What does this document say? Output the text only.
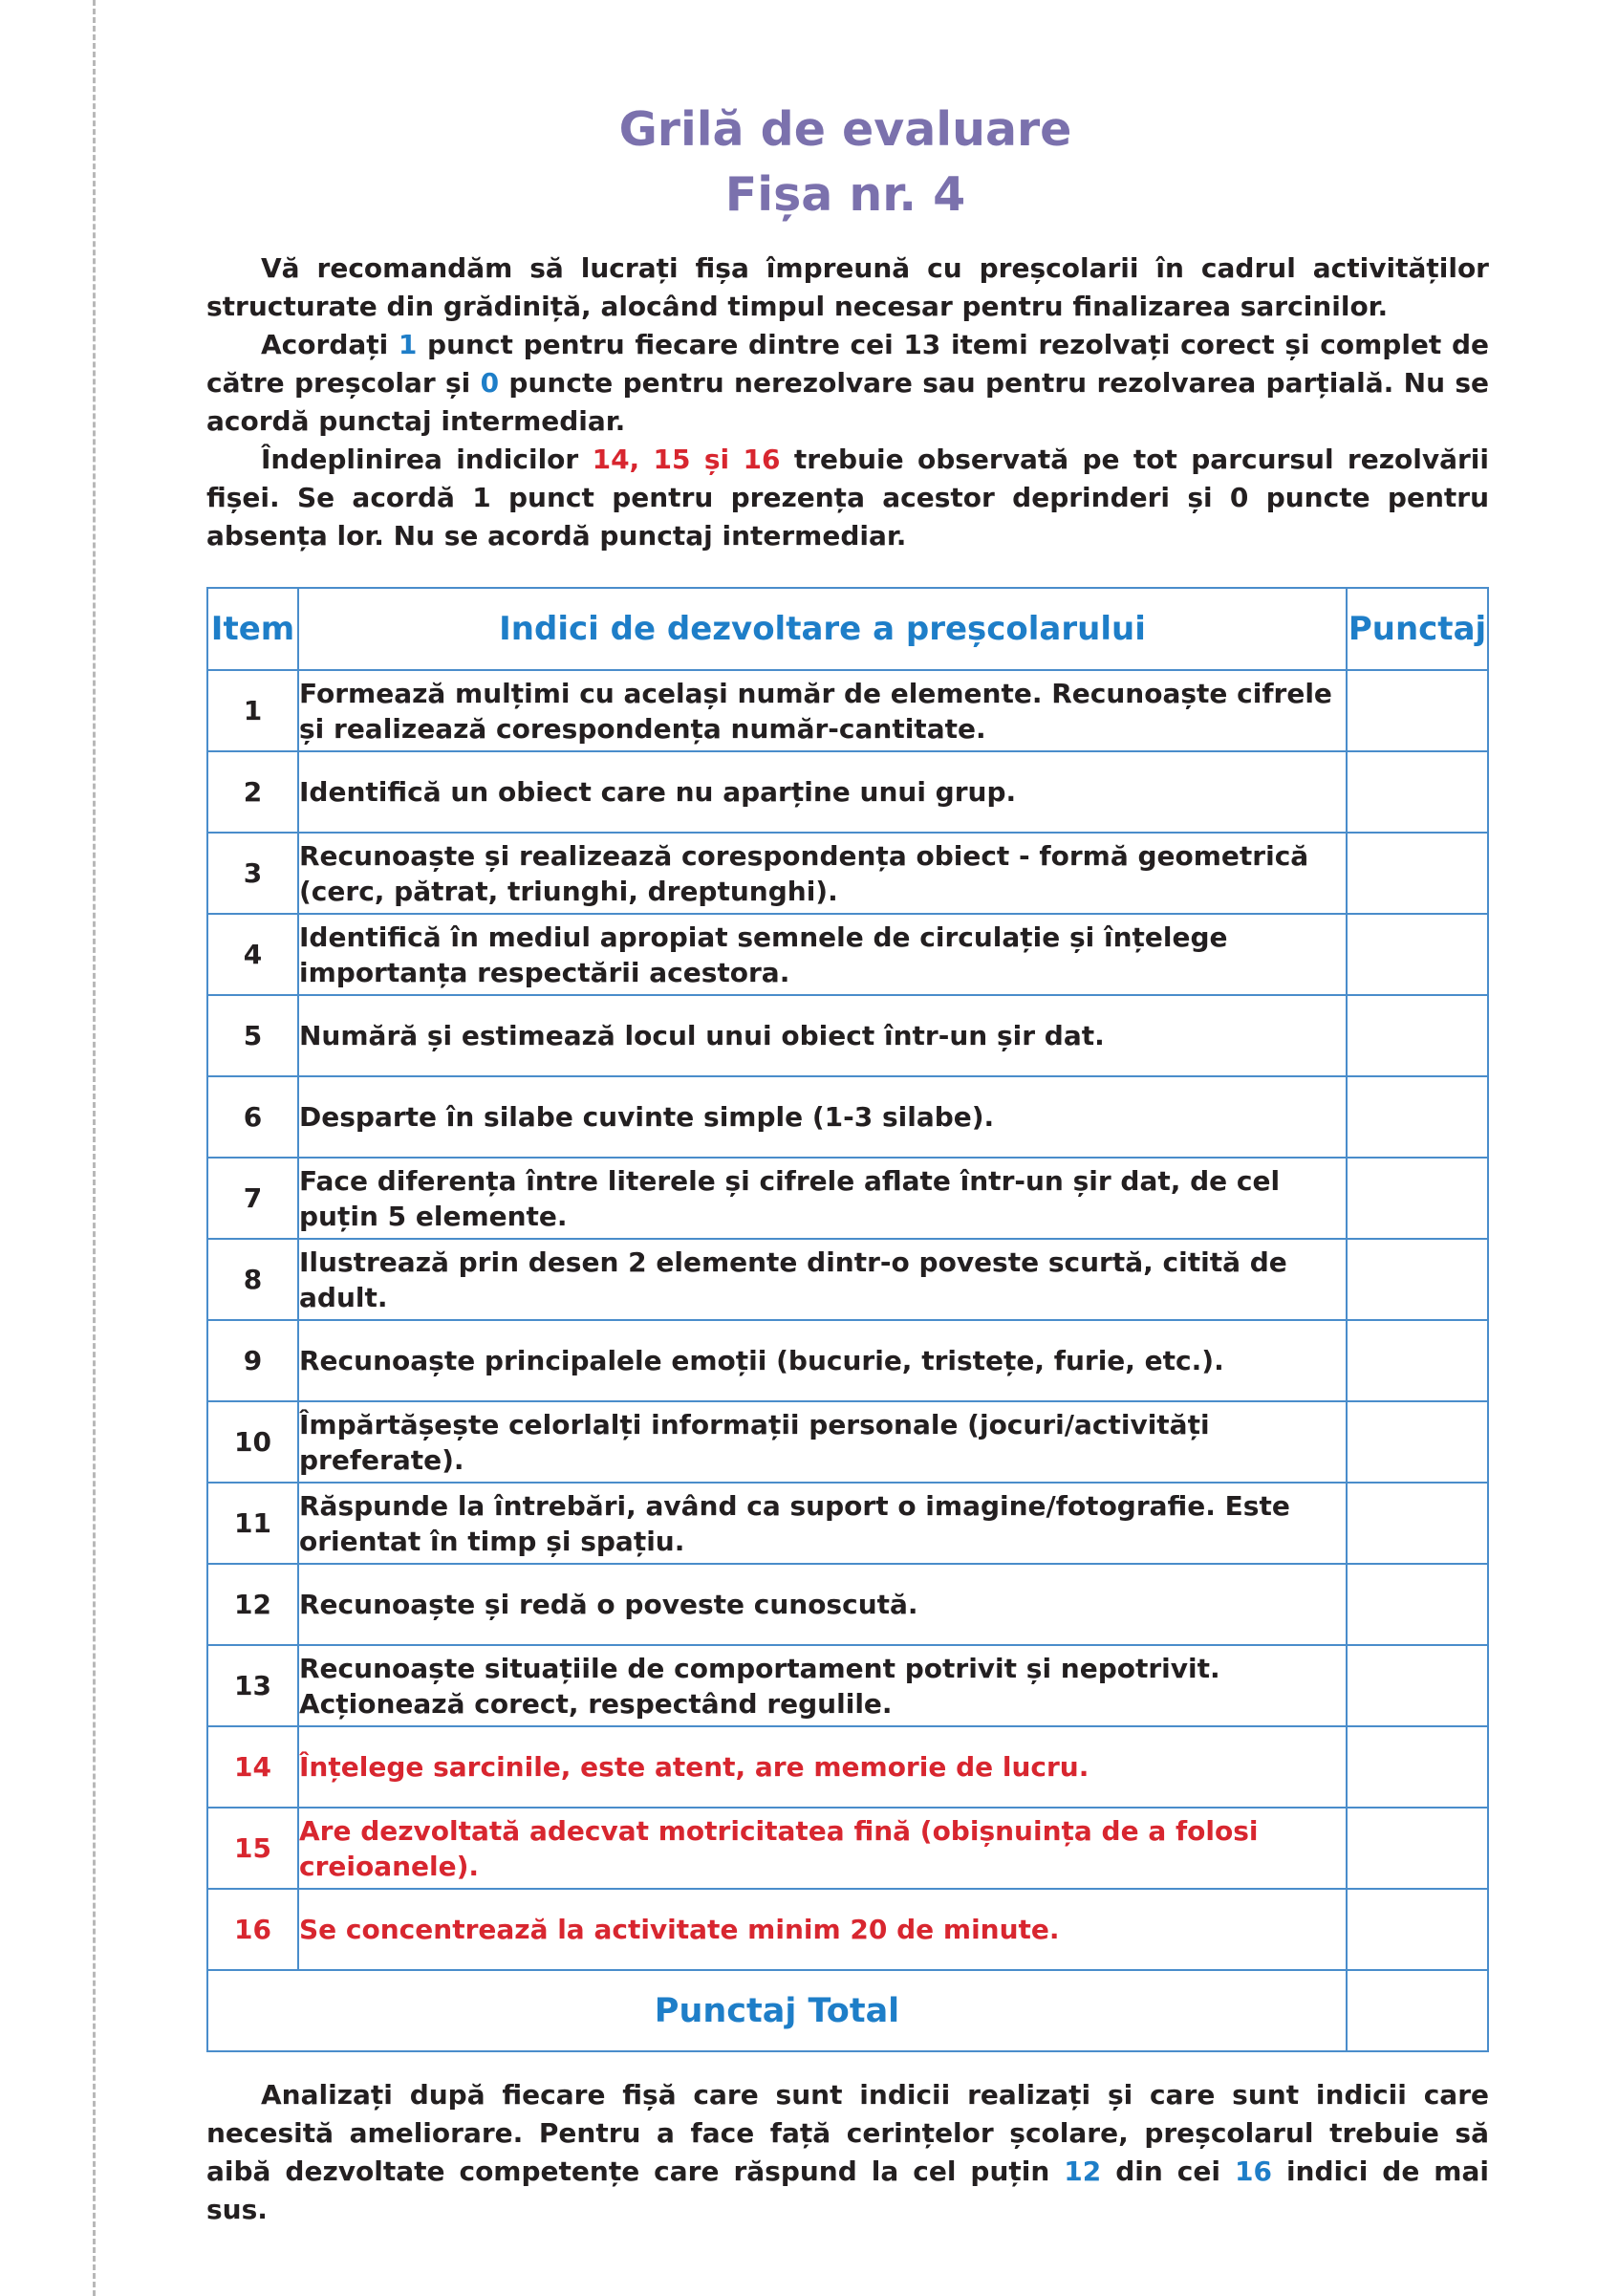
Grilă de evaluare
Fișa nr. 4

Vă recomandăm să lucrați fișa împreună cu preșcolarii în cadrul activităților structurate din grădiniță, alocând timpul necesar pentru finalizarea sarcinilor.

Acordați 1 punct pentru fiecare dintre cei 13 itemi rezolvați corect și complet de către preșcolar și 0 puncte pentru nerezolvare sau pentru rezolvarea parțială. Nu se acordă punctaj intermediar.

Îndeplinirea indicilor 14, 15 și 16 trebuie observată pe tot parcursul rezolvării fișei. Se acordă 1 punct pentru prezența acestor deprinderi și 0 puncte pentru absența lor. Nu se acordă punctaj intermediar.

Item	Indici de dezvoltare a preșcolarului	Punctaj
1	Formează mulțimi cu același număr de elemente. Recunoaște cifrele și realizează corespondența număr-cantitate.	
2	Identifică un obiect care nu aparține unui grup.	
3	Recunoaște și realizează corespondența obiect - formă geometrică (cerc, pătrat, triunghi, dreptunghi).	
4	Identifică în mediul apropiat semnele de circulație și înțelege importanța respectării acestora.	
5	Numără și estimează locul unui obiect într-un șir dat.	
6	Desparte în silabe cuvinte simple (1-3 silabe).	
7	Face diferența între literele și cifrele aflate într-un șir dat, de cel puțin 5 elemente.	
8	Ilustrează prin desen 2 elemente dintr-o poveste scurtă, citită de adult.	
9	Recunoaște principalele emoții (bucurie, tristețe, furie, etc.).	
10	Împărtășește celorlalți informații personale (jocuri/activități preferate).	
11	Răspunde la întrebări, având ca suport o imagine/fotografie. Este orientat în timp și spațiu.	
12	Recunoaște și redă o poveste cunoscută.	
13	Recunoaște situațiile de comportament potrivit și nepotrivit. Acționează corect, respectând regulile.	
14	Înțelege sarcinile, este atent, are memorie de lucru.	
15	Are dezvoltată adecvat motricitatea fină (obișnuința de a folosi creioanele).	
16	Se concentrează la activitate minim 20 de minute.	
Punctaj Total		

Analizați după fiecare fișă care sunt indicii realizați și care sunt indicii care necesită ameliorare. Pentru a face față cerințelor școlare, preșcolarul trebuie să aibă dezvoltate competențe care răspund la cel puțin 12 din cei 16 indici de mai sus.
